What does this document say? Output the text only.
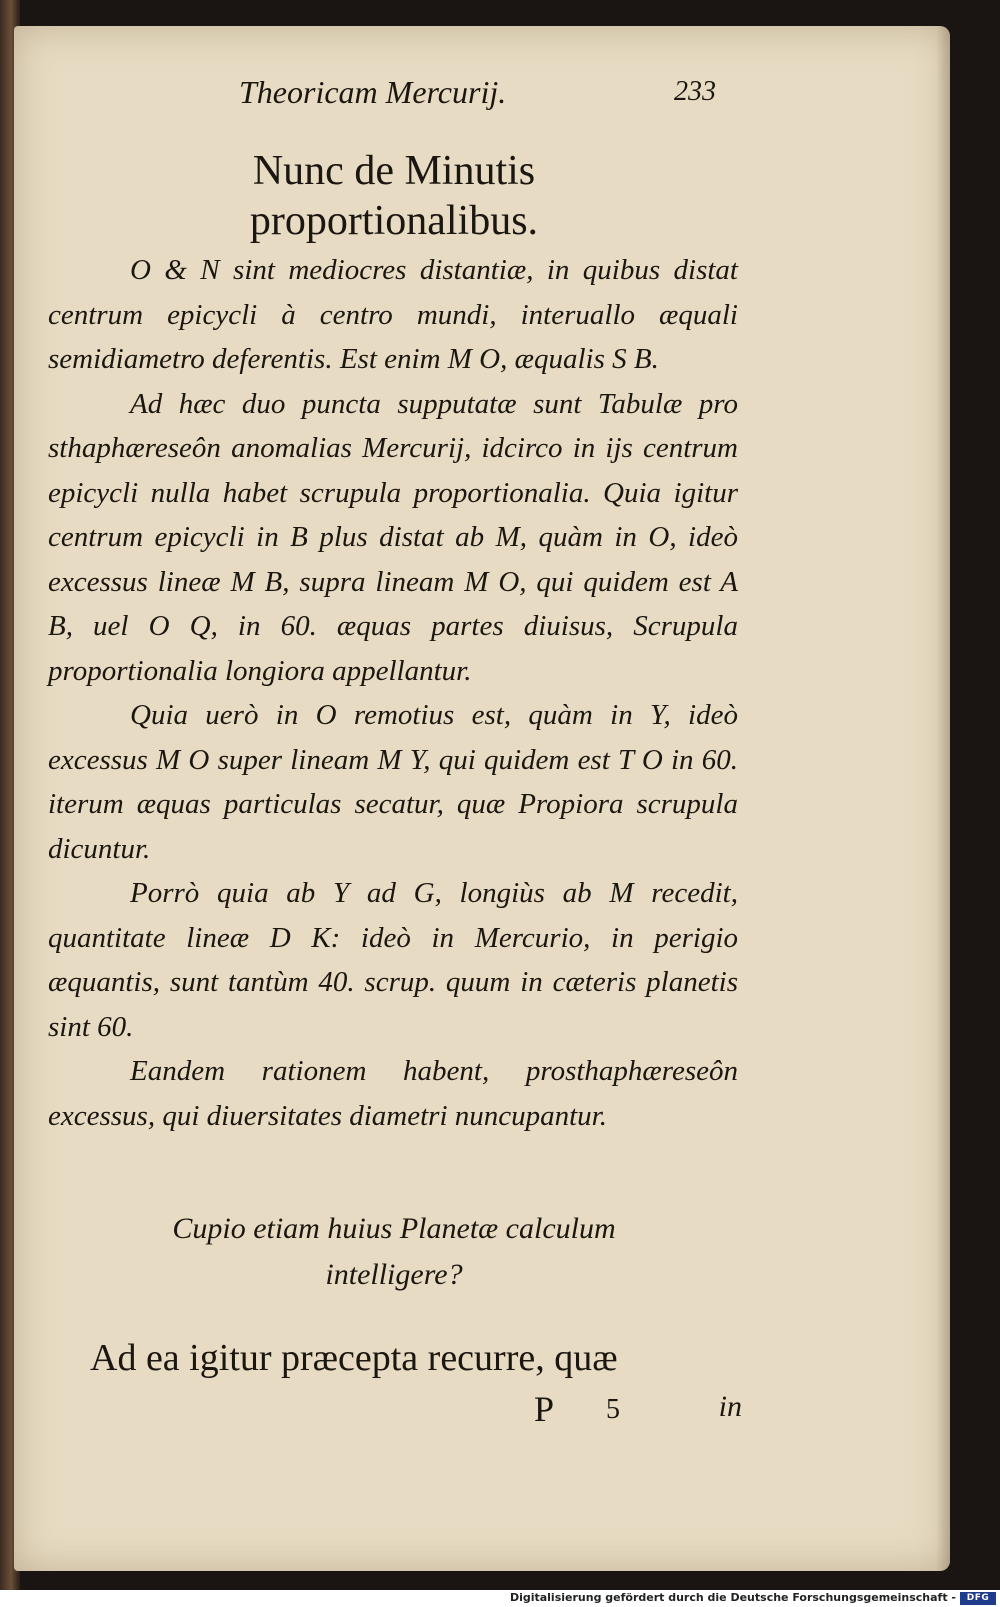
Theoricam Mercurij.	233
Nunc de Minutis proportionalibus.

O & N sint mediocres distantiæ, in quibus distat centrum epicycli à centro mundi, interuallo æquali semidiametro deferentis. Est enim M O, æqualis S B.

Ad hæc duo puncta supputatæ sunt Tabulæ pro sthaphæreseôn anomalias Mercurij, idcirco in ijs centrum epicycli nulla habet scrupula proportionalia. Quia igitur centrum epicycli in B plus distat ab M, quàm in O, ideò excessus lineæ M B, supra lineam M O, qui quidem est A B, uel O Q, in 60. æquas partes diuisus, Scrupula proportionalia longiora appellantur.

Quia uerò in O remotius est, quàm in Y, ideò excessus M O super lineam M Y, qui quidem est T O in 60. iterum æquas particulas secatur, quæ Propiora scrupula dicuntur.

Porrò quia ab Y ad G, longiùs ab M recedit, quantitate lineæ D K: ideò in Mercurio, in perigio æquantis, sunt tantùm 40. scrup. quum in cæteris planetis sint 60.

Eandem rationem habent, prosthaphæreseôn excessus, qui diuersitates diametri nuncupantur.

Cupio etiam huius Planetæ calculum intelligere?
Ad ea igitur præcepta recurre, quæ
P 5	in
Digitalisierung gefördert durch die Deutsche Forschungsgemeinschaft -	DFG
